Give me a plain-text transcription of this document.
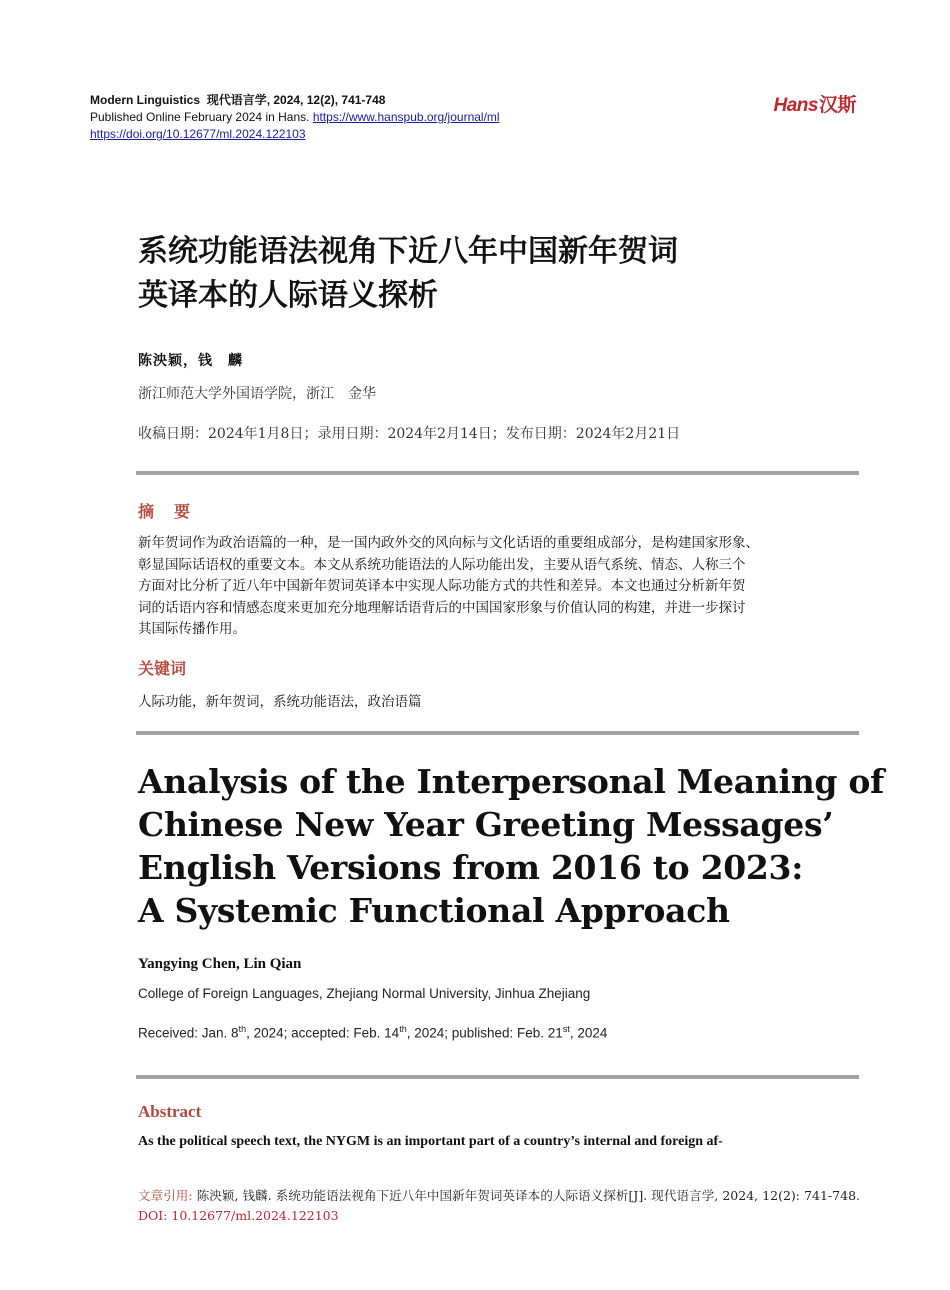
Modern Linguistics 现代语言学, 2024, 12(2), 741-748
Published Online February 2024 in Hans. https://www.hanspub.org/journal/ml
https://doi.org/10.12677/ml.2024.122103
Hans汉斯
系统功能语法视角下近八年中国新年贺词
英译本的人际语义探析
陈泱颖，钱　麟
浙江师范大学外国语学院，浙江　金华
收稿日期：2024年1月8日；录用日期：2024年2月14日；发布日期：2024年2月21日
摘　要
新年贺词作为政治语篇的一种，是一国内政外交的风向标与文化话语的重要组成部分，是构建国家形象、
彰显国际话语权的重要文本。本文从系统功能语法的人际功能出发，主要从语气系统、情态、人称三个
方面对比分析了近八年中国新年贺词英译本中实现人际功能方式的共性和差异。本文也通过分析新年贺
词的话语内容和情感态度来更加充分地理解话语背后的中国国家形象与价值认同的构建，并进一步探讨
其国际传播作用。
关键词
人际功能，新年贺词，系统功能语法，政治语篇
Analysis of the Interpersonal Meaning of
Chinese New Year Greeting Messages’
English Versions from 2016 to 2023:
A Systemic Functional Approach
Yangying Chen, Lin Qian
College of Foreign Languages, Zhejiang Normal University, Jinhua Zhejiang
Received: Jan. 8th, 2024; accepted: Feb. 14th, 2024; published: Feb. 21st, 2024
Abstract
As the political speech text, the NYGM is an important part of a country’s internal and foreign af-
文章引用: 陈泱颖, 钱麟. 系统功能语法视角下近八年中国新年贺词英译本的人际语义探析[J]. 现代语言学, 2024, 12(2): 741-748. DOI: 10.12677/ml.2024.122103
